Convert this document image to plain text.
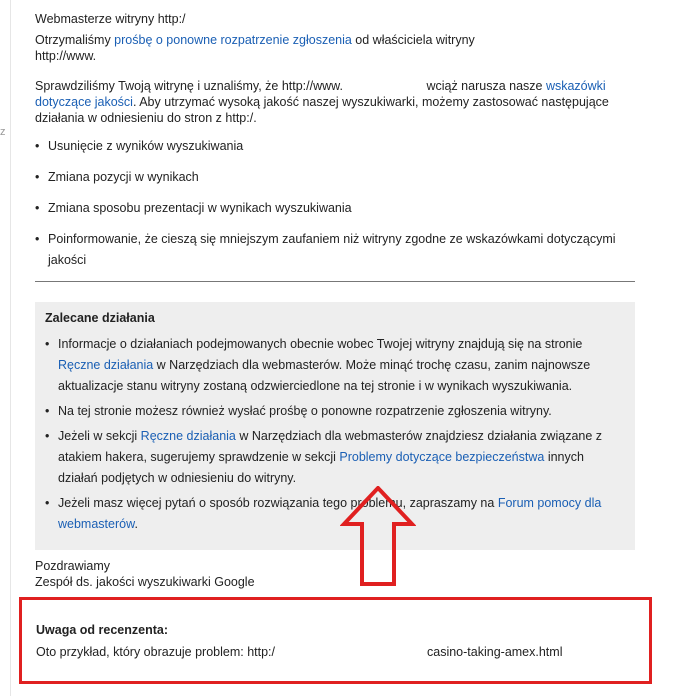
z

Webmasterze witryny http:/

Otrzymaliśmy prośbę o ponowne rozpatrzenie zgłoszenia od właściciela witryny
http://www.

Sprawdziliśmy Twoją witrynę i uznaliśmy, że http://www.	wciąż narusza nasze wskazówki dotyczące jakości. Aby utrzymać wysoką jakość naszej wyszukiwarki, możemy zastosować następujące działania w odniesieniu do stron z http:/.

• Usunięcie z wyników wyszukiwania
• Zmiana pozycji w wynikach
• Zmiana sposobu prezentacji w wynikach wyszukiwania
• Poinformowanie, że cieszą się mniejszym zaufaniem niż witryny zgodne ze wskazówkami dotyczącymi jakości
Zalecane działania
• Informacje o działaniach podejmowanych obecnie wobec Twojej witryny znajdują się na stronie Ręczne działania w Narzędziach dla webmasterów. Może minąć trochę czasu, zanim najnowsze aktualizacje stanu witryny zostaną odzwierciedlone na tej stronie i w wynikach wyszukiwania.
• Na tej stronie możesz również wysłać prośbę o ponowne rozpatrzenie zgłoszenia witryny.
• Jeżeli w sekcji Ręczne działania w Narzędziach dla webmasterów znajdziesz działania związane z atakiem hakera, sugerujemy sprawdzenie w sekcji Problemy dotyczące bezpieczeństwa innych działań podjętych w odniesieniu do witryny.
• Jeżeli masz więcej pytań o sposób rozwiązania tego problemu, zapraszamy na Forum pomocy dla webmasterów.
Pozdrawiamy
Zespół ds. jakości wyszukiwarki Google
Uwaga od recenzenta:
Oto przykład, który obrazuje problem: http:/	casino-taking-amex.html
